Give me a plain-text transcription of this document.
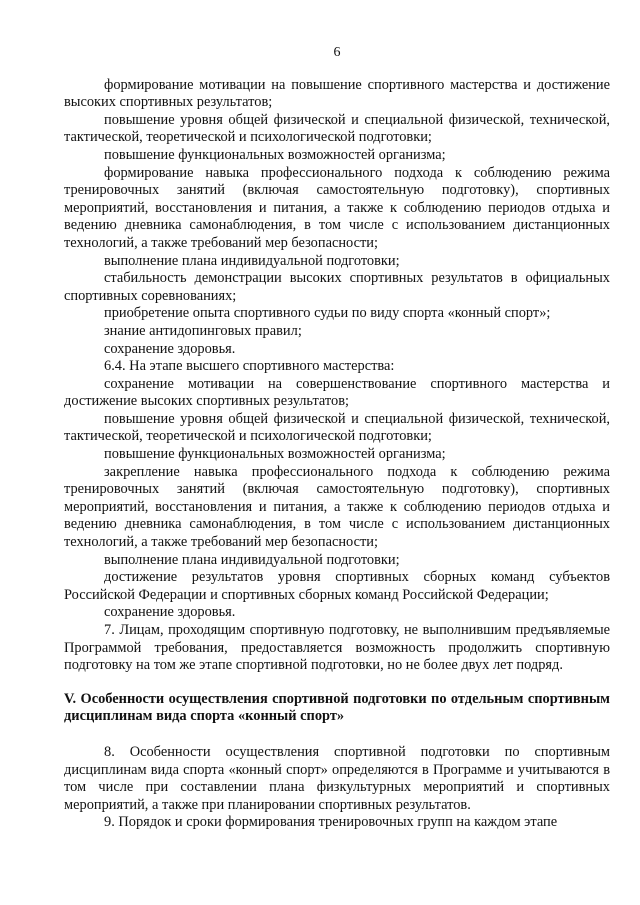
6

формирование мотивации на повышение спортивного мастерства и достижение высоких спортивных результатов;

повышение уровня общей физической и специальной физической, технической, тактической, теоретической и психологической подготовки;

повышение функциональных возможностей организма;

формирование навыка профессионального подхода к соблюдению режима тренировочных занятий (включая самостоятельную подготовку), спортивных мероприятий, восстановления и питания, а также к соблюдению периодов отдыха и ведению дневника самонаблюдения, в том числе с использованием дистанционных технологий, а также требований мер безопасности;

выполнение плана индивидуальной подготовки;

стабильность демонстрации высоких спортивных результатов в официальных спортивных соревнованиях;

приобретение опыта спортивного судьи по виду спорта «конный спорт»;

знание антидопинговых правил;

сохранение здоровья.

6.4. На этапе высшего спортивного мастерства:

сохранение мотивации на совершенствование спортивного мастерства и достижение высоких спортивных результатов;

повышение уровня общей физической и специальной физической, технической, тактической, теоретической и психологической подготовки;

повышение функциональных возможностей организма;

закрепление навыка профессионального подхода к соблюдению режима тренировочных занятий (включая самостоятельную подготовку), спортивных мероприятий, восстановления и питания, а также к соблюдению периодов отдыха и ведению дневника самонаблюдения, в том числе с использованием дистанционных технологий, а также требований мер безопасности;

выполнение плана индивидуальной подготовки;

достижение результатов уровня спортивных сборных команд субъектов Российской Федерации и спортивных сборных команд Российской Федерации;

сохранение здоровья.

7. Лицам, проходящим спортивную подготовку, не выполнившим предъявляемые Программой требования, предоставляется возможность продолжить спортивную подготовку на том же этапе спортивной подготовки, но не более двух лет подряд.

V. Особенности осуществления спортивной подготовки по отдельным спортивным дисциплинам вида спорта «конный спорт»

8. Особенности осуществления спортивной подготовки по спортивным дисциплинам вида спорта «конный спорт» определяются в Программе и учитываются в том числе при составлении плана физкультурных мероприятий и спортивных мероприятий, а также при планировании спортивных результатов.

9. Порядок и сроки формирования тренировочных групп на каждом этапе
